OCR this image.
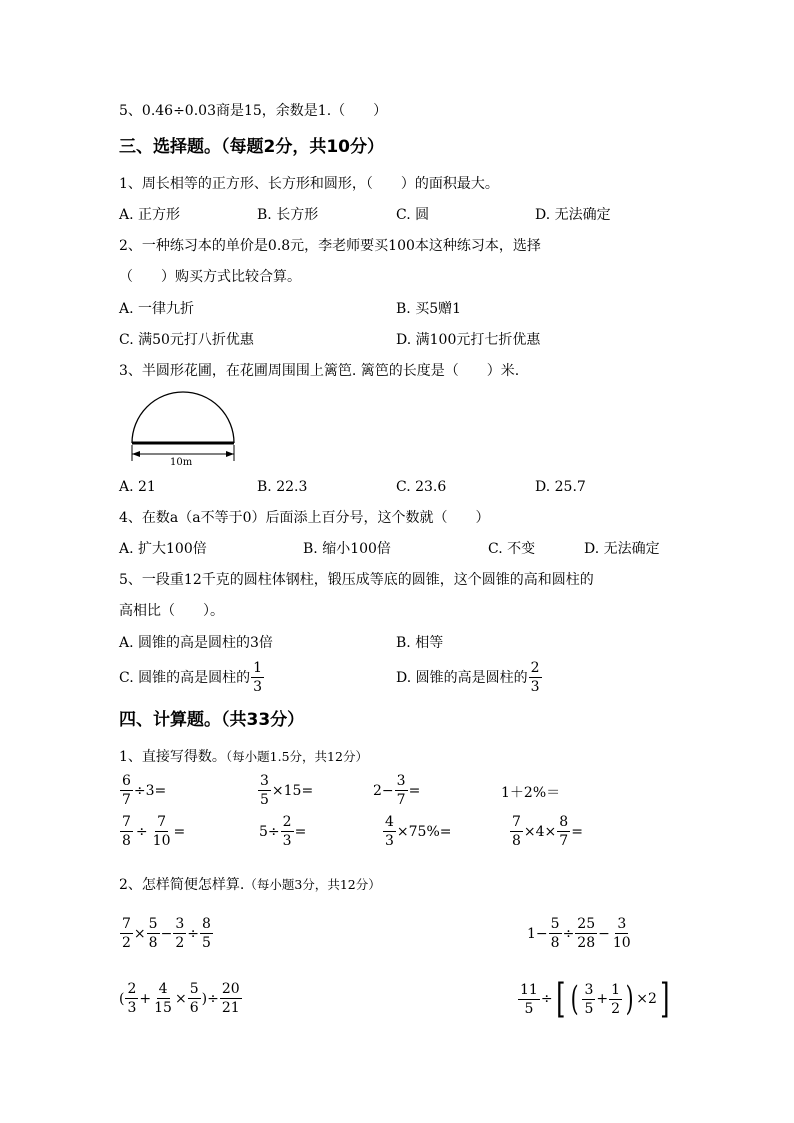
5、0.46÷0.03商是15，余数是1.（　　）
三、选择题。（每题2分，共10分）
1、周长相等的正方形、长方形和圆形，（　　）的面积最大。
A. 正方形	B. 长方形	C. 圆	D. 无法确定
2、一种练习本的单价是0.8元，李老师要买100本这种练习本，选择
（　　）购买方式比较合算。
A. 一律九折	B. 买5赠1
C. 满50元打八折优惠	D. 满100元打七折优惠
3、半圆形花圃，在花圃周围围上篱笆. 篱笆的长度是（　　）米.
10m
A. 21	B. 22.3	C. 23.6	D. 25.7
4、在数a（a不等于0）后面添上百分号，这个数就（　　）
A. 扩大100倍	B. 缩小100倍	C. 不变	D. 无法确定
5、一段重12千克的圆柱体钢柱，锻压成等底的圆锥，这个圆锥的高和圆柱的
高相比（　　）。
A. 圆锥的高是圆柱的3倍	B. 相等
C. 圆锥的高是圆柱的 $\frac{1}{3}$	D. 圆锥的高是圆柱的 $\frac{2}{3}$
四、计算题。（共33分）
1、直接写得数。（每小题1.5分，共12分）
$\frac{6}{7} \div 3=$	$\frac{3}{5} \times 15=$	$2- \frac{3}{7}$ =	1＋2%＝
$\frac{7}{8} \div \frac{7}{10}$ =	$5\div \frac{2}{3}$ =	$\frac{4}{3} \times 75\%=$	$\frac{7}{8} \times 4\times \frac{8}{7}$ =
2、怎样简便怎样算.（每小题3分，共12分）
$\frac{7}{2} \times \frac{5}{8} - \frac{3}{2} \div \frac{8}{5}$	$1- \frac{5}{8} \div \frac{25}{28} - \frac{3}{10}$
( $\frac{2}{3} + \frac{4}{15} \times \frac{5}{6}$ )÷ $\frac{20}{21}$	$\frac{11}{5}$ ÷ [ ( $\frac{3}{5} + \frac{1}{2}$ ) ×2 ]
